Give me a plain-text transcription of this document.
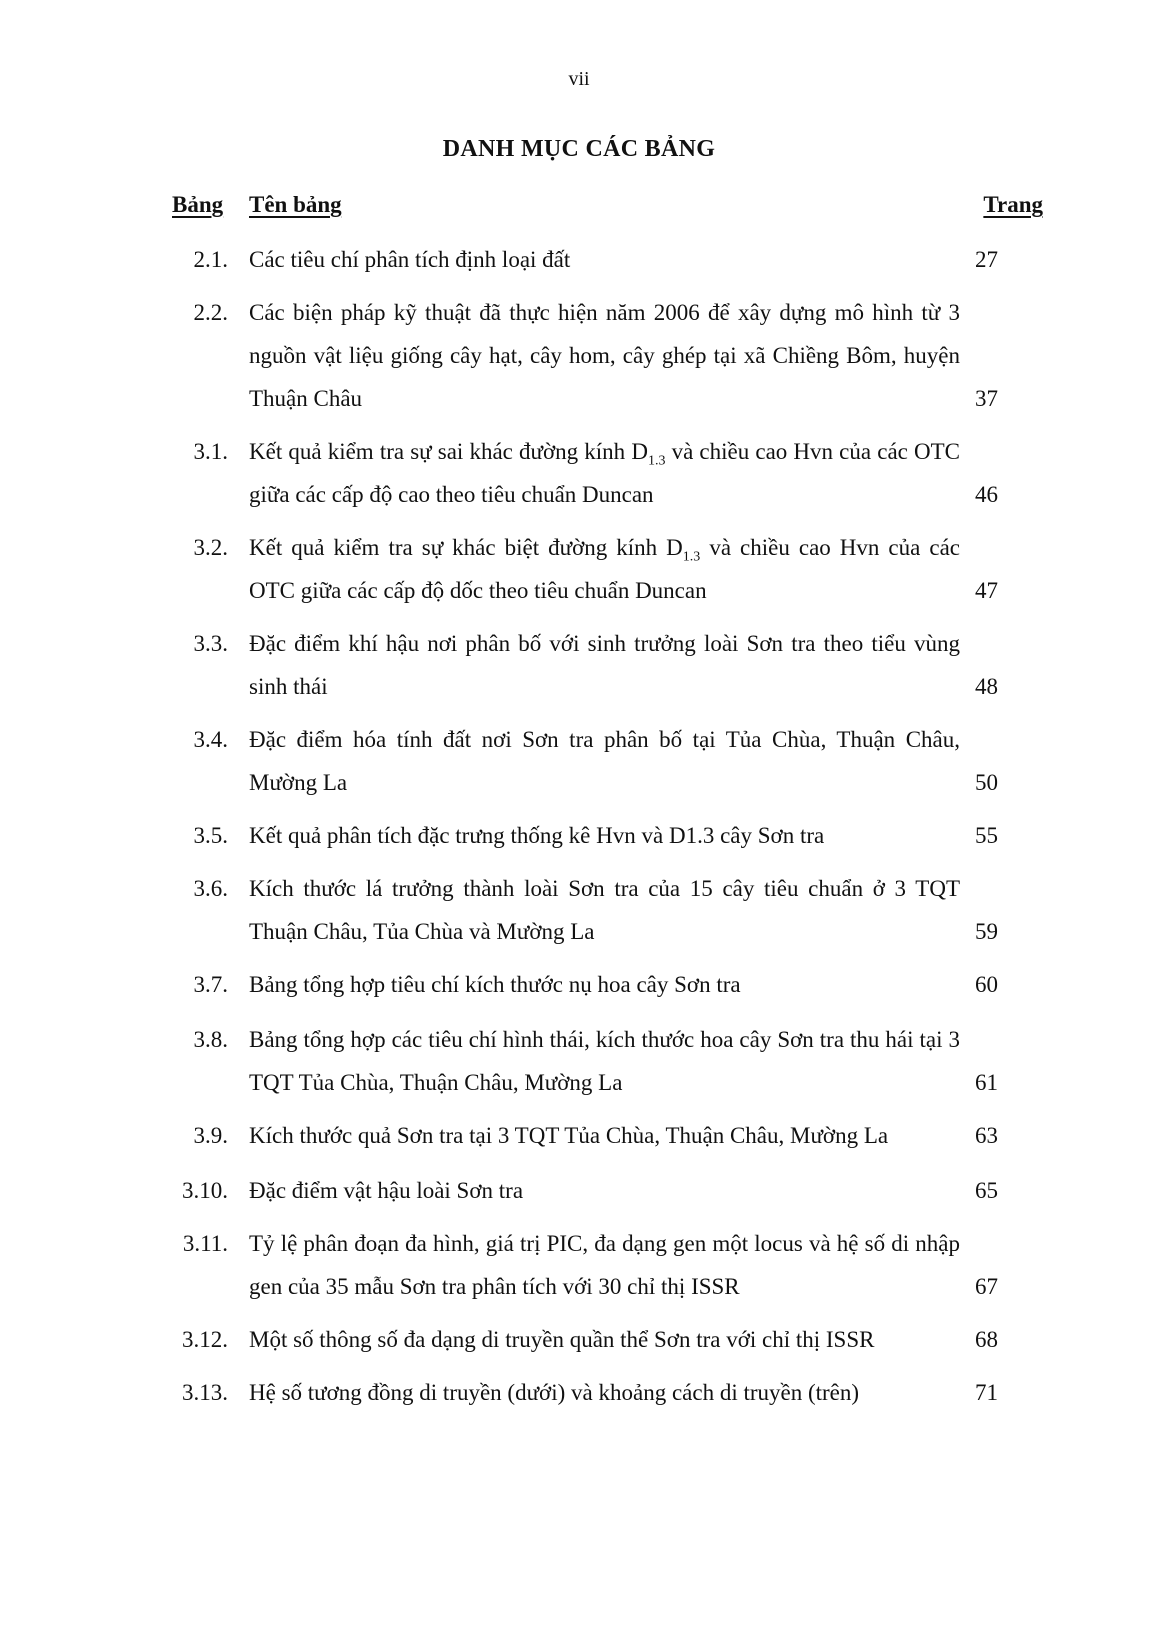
vii
DANH MỤC CÁC BẢNG
Bảng Tên bảng	Trang
2.1. Các tiêu chí phân tích định loại đất	27
2.2. Các biện pháp kỹ thuật đã thực hiện năm 2006 để xây dựng mô hình từ 3 nguồn vật liệu giống cây hạt, cây hom, cây ghép tại xã Chiềng Bôm, huyện Thuận Châu	37
3.1. Kết quả kiểm tra sự sai khác đường kính $D_{1.3}$ và chiều cao Hvn của các OTC giữa các cấp độ cao theo tiêu chuẩn Duncan	46
3.2. Kết quả kiểm tra sự khác biệt đường kính $D_{1.3}$ và chiều cao Hvn của các OTC giữa các cấp độ dốc theo tiêu chuẩn Duncan	47
3.3. Đặc điểm khí hậu nơi phân bố với sinh trưởng loài Sơn tra theo tiểu vùng sinh thái	48
3.4. Đặc điểm hóa tính đất nơi Sơn tra phân bố tại Tủa Chùa, Thuận Châu, Mường La	50
3.5. Kết quả phân tích đặc trưng thống kê Hvn và D1.3 cây Sơn tra	55
3.6. Kích thước lá trưởng thành loài Sơn tra của 15 cây tiêu chuẩn ở 3 TQT Thuận Châu, Tủa Chùa và Mường La	59
3.7. Bảng tổng hợp tiêu chí kích thước nụ hoa cây Sơn tra	60
3.8. Bảng tổng hợp các tiêu chí hình thái, kích thước hoa cây Sơn tra thu hái tại 3 TQT Tủa Chùa, Thuận Châu, Mường La	61
3.9. Kích thước quả Sơn tra tại 3 TQT Tủa Chùa, Thuận Châu, Mường La	63
3.10. Đặc điểm vật hậu loài Sơn tra	65
3.11. Tỷ lệ phân đoạn đa hình, giá trị PIC, đa dạng gen một locus và hệ số di nhập gen của 35 mẫu Sơn tra phân tích với 30 chỉ thị ISSR	67
3.12. Một số thông số đa dạng di truyền quần thể Sơn tra với chỉ thị ISSR	68
3.13. Hệ số tương đồng di truyền (dưới) và khoảng cách di truyền (trên)	71
